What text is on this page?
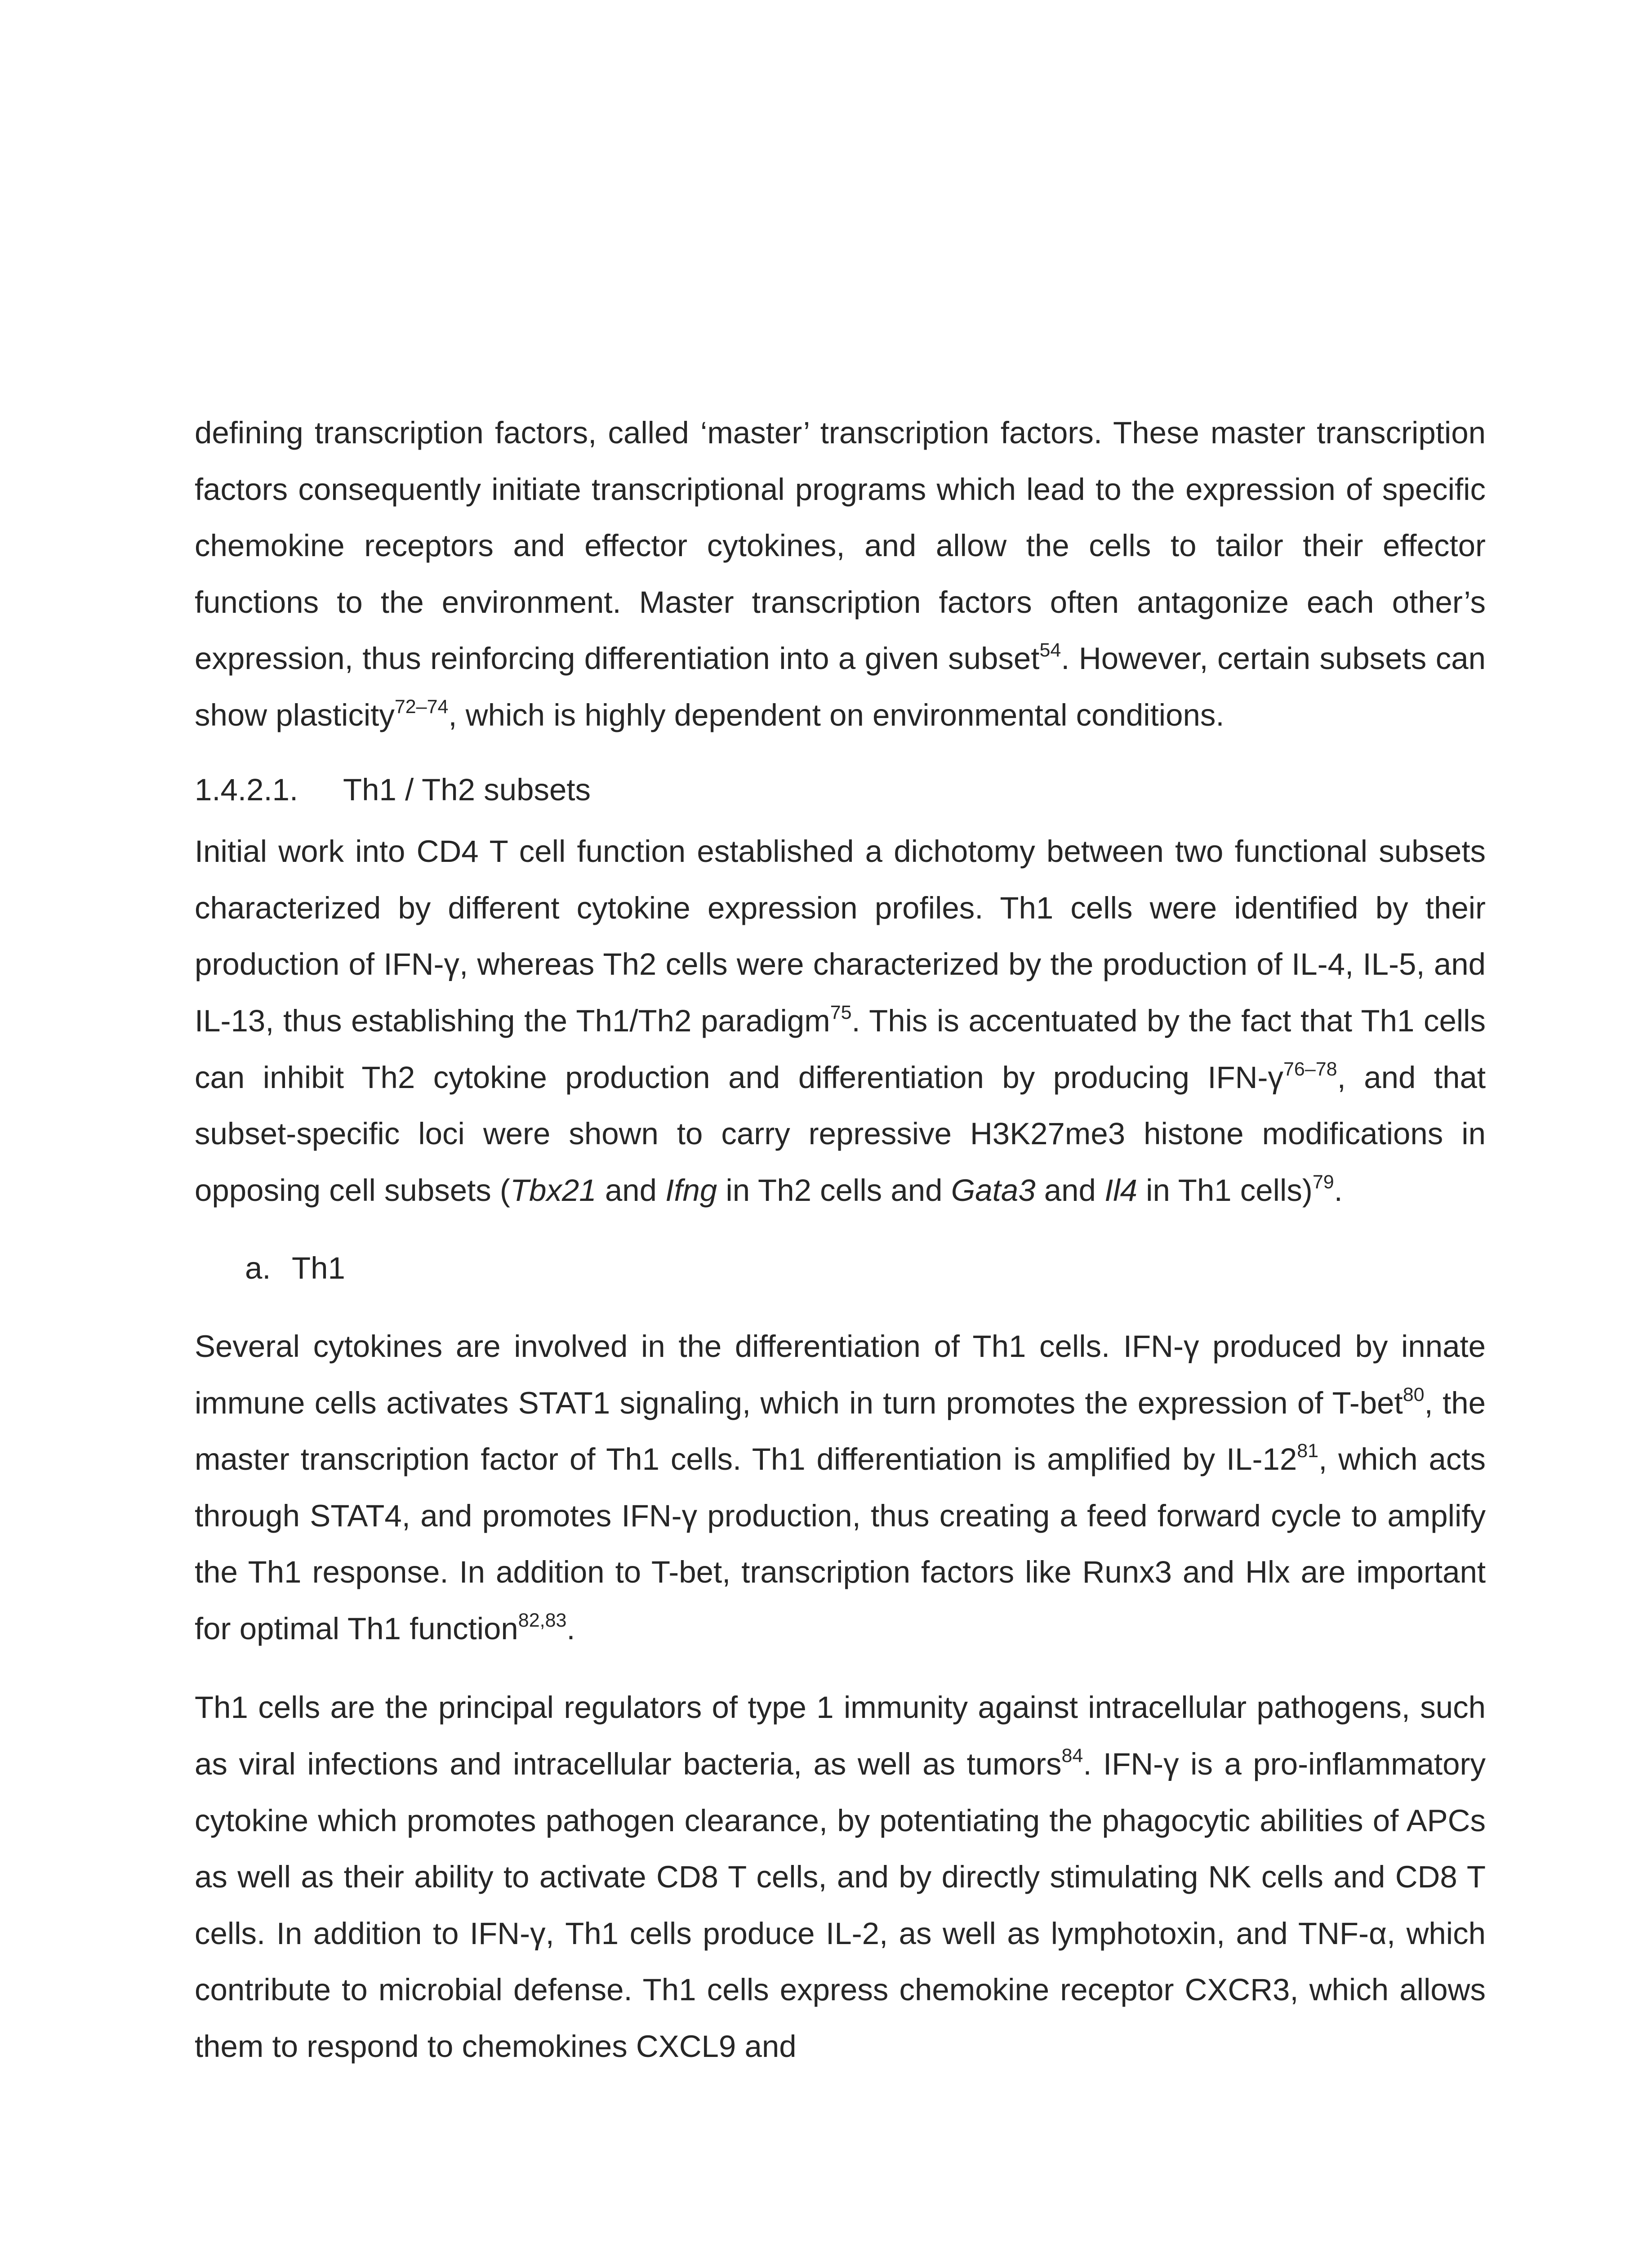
defining transcription factors, called ‘master’ transcription factors. These master transcription factors consequently initiate transcriptional programs which lead to the expression of specific chemokine receptors and effector cytokines, and allow the cells to tailor their effector functions to the environment. Master transcription factors often antagonize each other’s expression, thus reinforcing differentiation into a given subset$^{54}$. However, certain subsets can show plasticity$^{72-74}$, which is highly dependent on environmental conditions.

1.4.2.1.	Th1 / Th2 subsets

Initial work into CD4 T cell function established a dichotomy between two functional subsets characterized by different cytokine expression profiles. Th1 cells were identified by their production of IFN-γ, whereas Th2 cells were characterized by the production of IL-4, IL-5, and IL-13, thus establishing the Th1/Th2 paradigm$^{75}$. This is accentuated by the fact that Th1 cells can inhibit Th2 cytokine production and differentiation by producing IFN-$\gamma^{76-78}$, and that subset-specific loci were shown to carry repressive H3K27me3 histone modifications in opposing cell subsets (Tbx21 and Ifng in Th2 cells and Gata3 and Il4 in Th1 cells)$^{79}$.

a. Th1

Several cytokines are involved in the differentiation of Th1 cells. IFN-γ produced by innate immune cells activates STAT1 signaling, which in turn promotes the expression of T-bet$^{80}$, the master transcription factor of Th1 cells. Th1 differentiation is amplified by $IL-12^{81}$, which acts through STAT4, and promotes IFN-γ production, thus creating a feed forward cycle to amplify the Th1 response. In addition to T-bet, transcription factors like Runx3 and Hlx are important for optimal Th1 function$^{82,83}$.

Th1 cells are the principal regulators of type 1 immunity against intracellular pathogens, such as viral infections and intracellular bacteria, as well as tumors$^{84}$. IFN-γ is a pro-inflammatory cytokine which promotes pathogen clearance, by potentiating the phagocytic abilities of APCs as well as their ability to activate CD8 T cells, and by directly stimulating NK cells and CD8 T cells. In addition to IFN-γ, Th1 cells produce IL-2, as well as lymphotoxin, and TNF-α, which contribute to microbial defense. Th1 cells express chemokine receptor CXCR3, which allows them to respond to chemokines CXCL9 and
